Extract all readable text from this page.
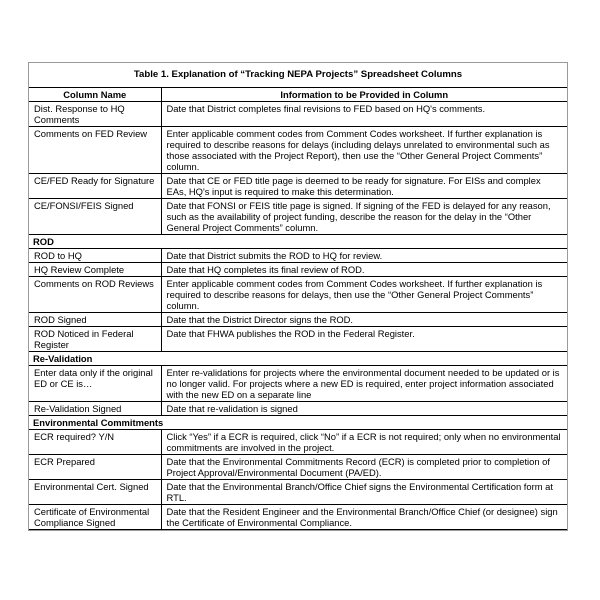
Table 1. Explanation of “Tracking NEPA Projects” Spreadsheet Columns
Column Name	Information to be Provided in Column
Dist. Response to HQ Comments	Date that District completes final revisions to FED based on HQ's comments.
Comments on FED Review	Enter applicable comment codes from Comment Codes worksheet. If further explanation is required to describe reasons for delays (including delays unrelated to environmental such as those associated with the Project Report), then use the “Other General Project Comments” column.
CE/FED Ready for Signature	Date that CE or FED title page is deemed to be ready for signature. For EISs and complex EAs, HQ's input is required to make this determination.
CE/FONSI/FEIS Signed	Date that FONSI or FEIS title page is signed. If signing of the FED is delayed for any reason, such as the availability of project funding, describe the reason for the delay in the “Other General Project Comments” column.
ROD	
ROD to HQ	Date that District submits the ROD to HQ for review.
HQ Review Complete	Date that HQ completes its final review of ROD.
Comments on ROD Reviews	Enter applicable comment codes from Comment Codes worksheet. If further explanation is required to describe reasons for delays, then use the “Other General Project Comments” column.
ROD Signed	Date that the District Director signs the ROD.
ROD Noticed in Federal Register	Date that FHWA publishes the ROD in the Federal Register.
Re-Validation	
Enter data only if the original ED or CE is…	Enter re-validations for projects where the environmental document needed to be updated or is no longer valid. For projects where a new ED is required, enter project information associated with the new ED on a separate line
Re-Validation Signed	Date that re-validation is signed
Environmental Commitments	
ECR required? Y/N	Click “Yes” if a ECR is required, click “No” if a ECR is not required; only when no environmental commitments are involved in the project.
ECR Prepared	Date that the Environmental Commitments Record (ECR) is completed prior to completion of Project Approval/Environmental Document (PA/ED).
Environmental Cert. Signed	Date that the Environmental Branch/Office Chief signs the Environmental Certification form at RTL.
Certificate of Environmental Compliance Signed	Date that the Resident Engineer and the Environmental Branch/Office Chief (or designee) sign the Certificate of Environmental Compliance.
